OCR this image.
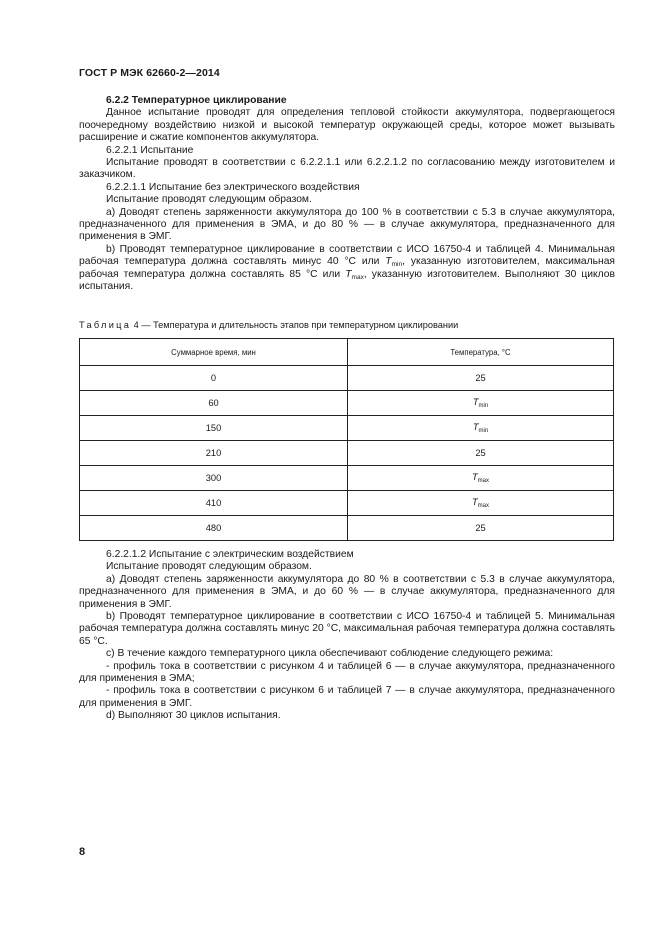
ГОСТ Р МЭК 62660-2—2014

6.2.2 Температурное циклирование

Данное испытание проводят для определения тепловой стойкости аккумулятора, подвергающегося поочередному воздействию низкой и высокой температур окружающей среды, которое может вызывать расширение и сжатие компонентов аккумулятора.

6.2.2.1 Испытание

Испытание проводят в соответствии с 6.2.2.1.1 или 6.2.2.1.2 по согласованию между изготовителем и заказчиком.

6.2.2.1.1 Испытание без электрического воздействия

Испытание проводят следующим образом.

а) Доводят степень заряженности аккумулятора до 100 % в соответствии с 5.3 в случае аккумулятора, предназначенного для применения в ЭМА, и до 80 % — в случае аккумулятора, предназначенного для применения в ЭМГ.

b) Проводят температурное циклирование в соответствии с ИСО 16750-4 и таблицей 4. Минимальная рабочая температура должна составлять минус 40 °С или $T_{min}$, указанную изготовителем, максимальная рабочая температура должна составлять 85 °С или $T_{max}$, указанную изготовителем. Выполняют 30 циклов испытания.

Таблица 4 — Температура и длительность этапов при температурном циклировании
Суммарное время, мин	Температура, °С
0	25
60	$T_{min}$
150	$T_{min}$
210	25
300	$T_{max}$
410	$T_{max}$
480	25

6.2.2.1.2 Испытание с электрическим воздействием

Испытание проводят следующим образом.

а) Доводят степень заряженности аккумулятора до 80 % в соответствии с 5.3 в случае аккумулятора, предназначенного для применения в ЭМА, и до 60 % — в случае аккумулятора, предназначенного для применения в ЭМГ.

b) Проводят температурное циклирование в соответствии с ИСО 16750-4 и таблицей 5. Минимальная рабочая температура должна составлять минус 20 °С, максимальная рабочая температура должна составлять 65 °С.

с) В течение каждого температурного цикла обеспечивают соблюдение следующего режима:

- профиль тока в соответствии с рисунком 4 и таблицей 6 — в случае аккумулятора, предназначенного для применения в ЭМА;

- профиль тока в соответствии с рисунком 6 и таблицей 7 — в случае аккумулятора, предназначенного для применения в ЭМГ.

d) Выполняют 30 циклов испытания.

8
